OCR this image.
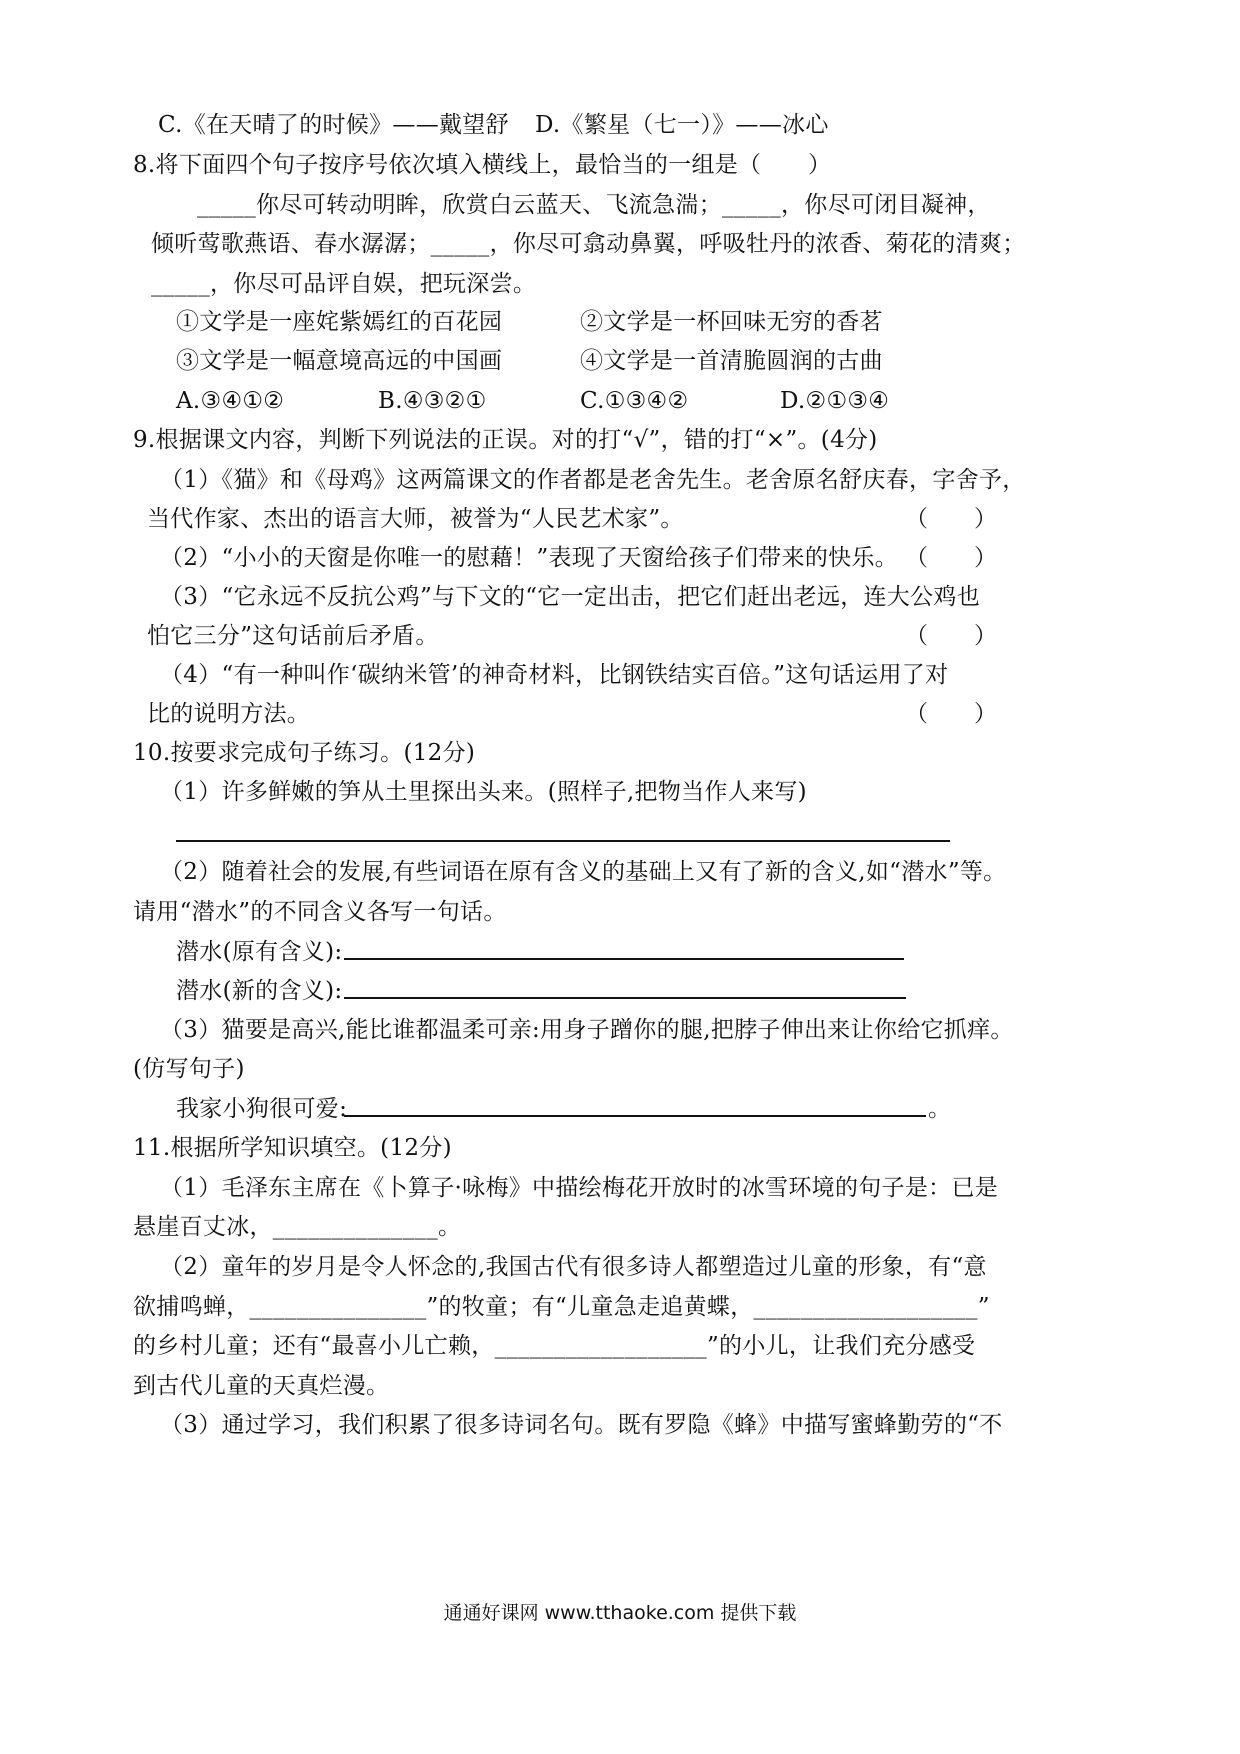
C.《在天晴了的时候》——戴望舒 D.《繁星（七一）》——冰心
8.将下面四个句子按序号依次填入横线上，最恰当的一组是（　　）
_____你尽可转动明眸，欣赏白云蓝天、飞流急湍；_____，你尽可闭目凝神，
倾听莺歌燕语、春水潺潺；_____，你尽可翕动鼻翼，呼吸牡丹的浓香、菊花的清爽；
_____，你尽可品评自娱，把玩深尝。
①文学是一座姹紫嫣红的百花园	②文学是一杯回味无穷的香茗
③文学是一幅意境高远的中国画	④文学是一首清脆圆润的古曲
A.③④①②	B.④③②①	C.①③④②	D.②①③④
9.根据课文内容，判断下列说法的正误。对的打“√”，错的打“×”。(4分)
（1）《猫》和《母鸡》这两篇课文的作者都是老舍先生。老舍原名舒庆春，字舍予，
当代作家、杰出的语言大师，被誉为“人民艺术家”。	（　　）
（2）“小小的天窗是你唯一的慰藉！”表现了天窗给孩子们带来的快乐。 （　　）
（3）“它永远不反抗公鸡”与下文的“它一定出击，把它们赶出老远，连大公鸡也
怕它三分”这句话前后矛盾。	（　　）
（4）“有一种叫作‘碳纳米管’的神奇材料，比钢铁结实百倍。”这句话运用了对
比的说明方法。	（　　）
10.按要求完成句子练习。(12分)
（1）许多鲜嫩的笋从土里探出头来。(照样子,把物当作人来写)
（2）随着社会的发展,有些词语在原有含义的基础上又有了新的含义,如“潜水”等。
请用“潜水”的不同含义各写一句话。
潜水(原有含义):
潜水(新的含义):
（3）猫要是高兴,能比谁都温柔可亲:用身子蹭你的腿,把脖子伸出来让你给它抓痒。
(仿写句子)
我家小狗很可爱:	。
11.根据所学知识填空。(12分)
（1）毛泽东主席在《卜算子·咏梅》中描绘梅花开放时的冰雪环境的句子是：已是
悬崖百丈冰，______________。
（2）童年的岁月是令人怀念的,我国古代有很多诗人都塑造过儿童的形象，有“意
欲捕鸣蝉，_______________”的牧童；有“儿童急走追黄蝶，___________________”
的乡村儿童；还有“最喜小儿亡赖，__________________”的小儿，让我们充分感受
到古代儿童的天真烂漫。
（3）通过学习，我们积累了很多诗词名句。既有罗隐《蜂》中描写蜜蜂勤劳的“不
通通好课网 www.tthaoke.com 提供下载
